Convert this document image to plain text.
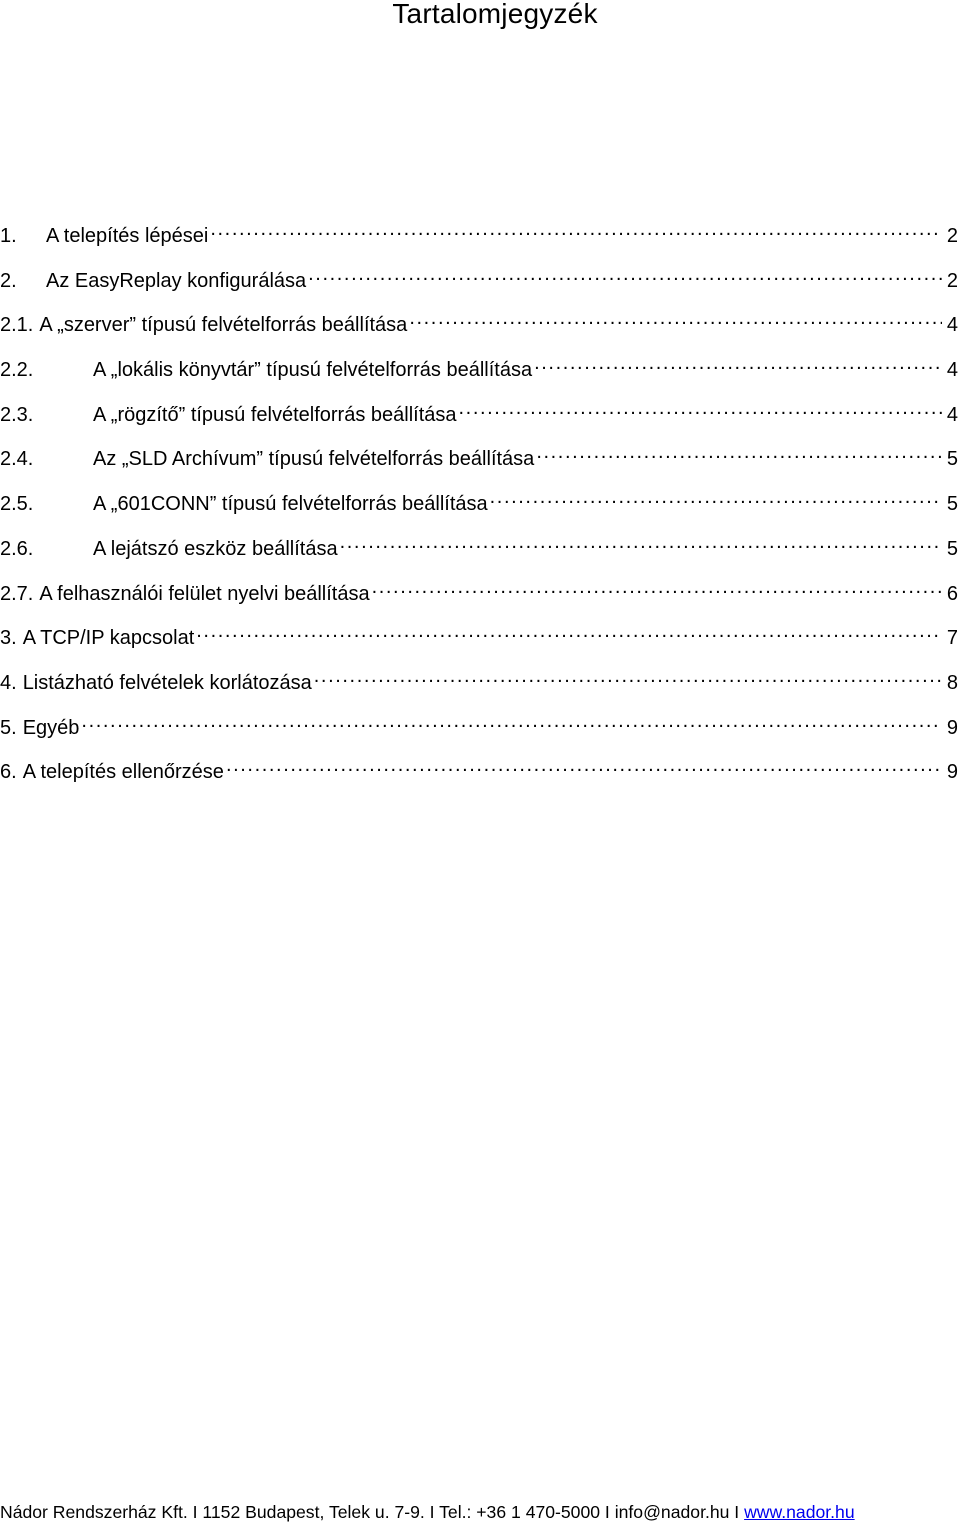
Tartalomjegyzék
1.	A telepítés lépései .....	2
2.	Az EasyReplay konfigurálása .....	2
2.1. A „szerver” típusú felvételforrás beállítása .....	4
2.2.	A „lokális könyvtár” típusú felvételforrás beállítása .....	4
2.3.	A „rögzítő” típusú felvételforrás beállítása .....	4
2.4.	Az „SLD Archívum” típusú felvételforrás beállítása .....	5
2.5.	A „601CONN” típusú felvételforrás beállítása .....	5
2.6.	A lejátszó eszköz beállítása .....	5
2.7. A felhasználói felület nyelvi beállítása .....	6
3. A TCP/IP kapcsolat .....	7
4. Listázható felvételek korlátozása .....	8
5. Egyéb .....	9
6. A telepítés ellenőrzése .....	9
Nádor Rendszerház Kft. I 1152 Budapest, Telek u. 7-9. I Tel.: +36 1 470-5000 I info@nador.hu I www.nador.hu
